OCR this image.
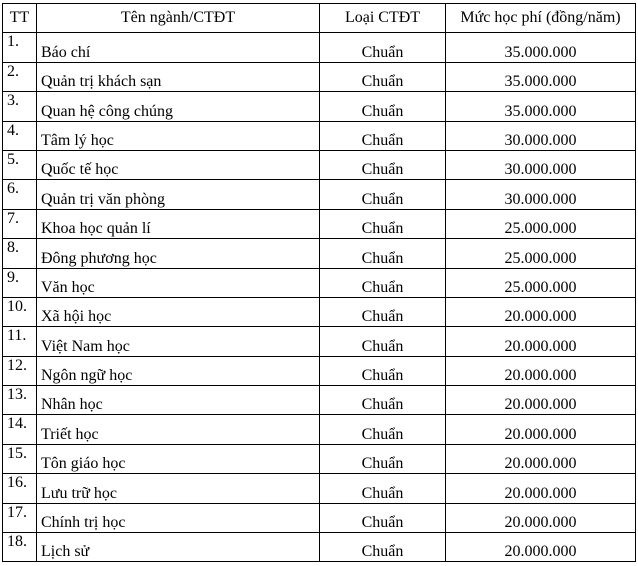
TT	Tên ngành/CTĐT	Loại CTĐT	Mức học phí (đồng/năm)
1.	Báo chí	Chuẩn	35.000.000
2.	Quản trị khách sạn	Chuẩn	35.000.000
3.	Quan hệ công chúng	Chuẩn	35.000.000
4.	Tâm lý học	Chuẩn	30.000.000
5.	Quốc tế học	Chuẩn	30.000.000
6.	Quản trị văn phòng	Chuẩn	30.000.000
7.	Khoa học quản lí	Chuẩn	25.000.000
8.	Đông phương học	Chuẩn	25.000.000
9.	Văn học	Chuẩn	25.000.000
10.	Xã hội học	Chuẩn	20.000.000
11.	Việt Nam học	Chuẩn	20.000.000
12.	Ngôn ngữ học	Chuẩn	20.000.000
13.	Nhân học	Chuẩn	20.000.000
14.	Triết học	Chuẩn	20.000.000
15.	Tôn giáo học	Chuẩn	20.000.000
16.	Lưu trữ học	Chuẩn	20.000.000
17.	Chính trị học	Chuẩn	20.000.000
18.	Lịch sử	Chuẩn	20.000.000
